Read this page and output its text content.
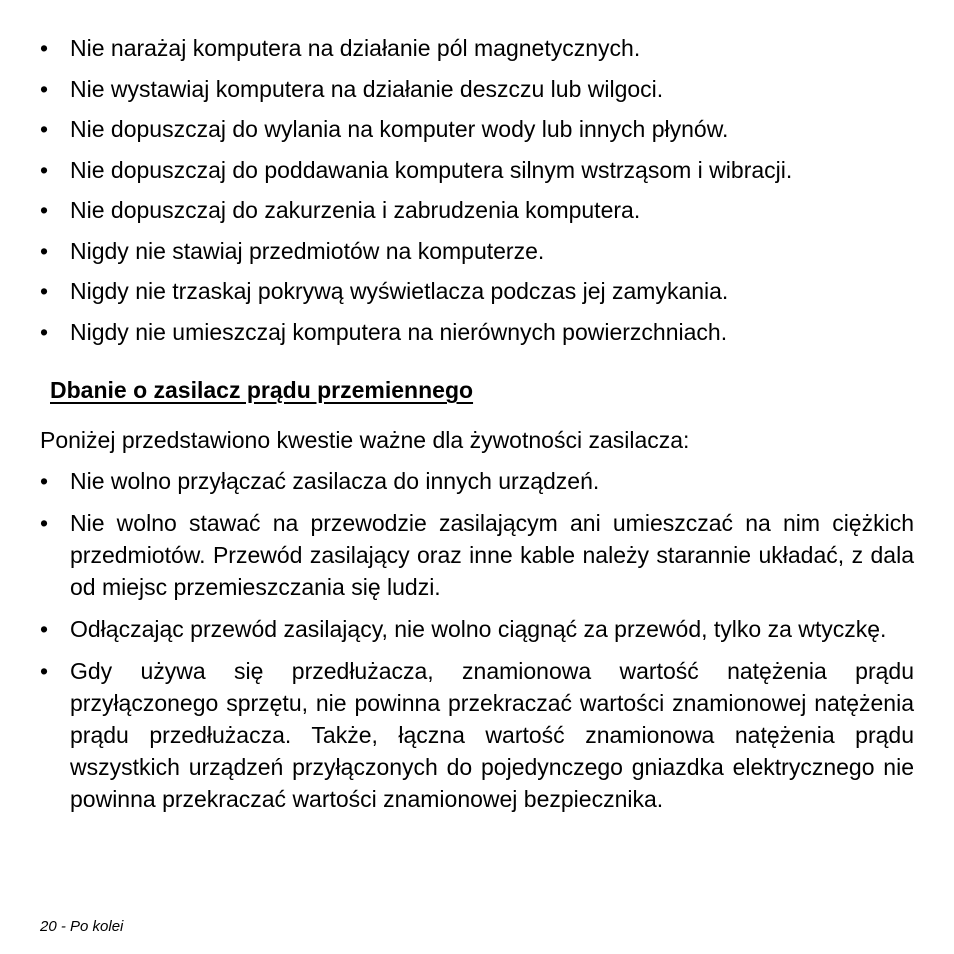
• Nie narażaj komputera na działanie pól magnetycznych.
• Nie wystawiaj komputera na działanie deszczu lub wilgoci.
• Nie dopuszczaj do wylania na komputer wody lub innych płynów.
• Nie dopuszczaj do poddawania komputera silnym wstrząsom i wibracji.
• Nie dopuszczaj do zakurzenia i zabrudzenia komputera.
• Nigdy nie stawiaj przedmiotów na komputerze.
• Nigdy nie trzaskaj pokrywą wyświetlacza podczas jej zamykania.
• Nigdy nie umieszczaj komputera na nierównych powierzchniach.
Dbanie o zasilacz prądu przemiennego
Poniżej przedstawiono kwestie ważne dla żywotności zasilacza:
• Nie wolno przyłączać zasilacza do innych urządzeń.
• Nie wolno stawać na przewodzie zasilającym ani umieszczać na nim ciężkich przedmiotów. Przewód zasilający oraz inne kable należy starannie układać, z dala od miejsc przemieszczania się ludzi.
• Odłączając przewód zasilający, nie wolno ciągnąć za przewód, tylko za wtyczkę.
• Gdy używa się przedłużacza, znamionowa wartość natężenia prądu przyłączonego sprzętu, nie powinna przekraczać wartości znamionowej natężenia prądu przedłużacza. Także, łączna wartość znamionowa natężenia prądu wszystkich urządzeń przyłączonych do pojedynczego gniazdka elektrycznego nie powinna przekraczać wartości znamionowej bezpiecznika.
20 - Po kolei
